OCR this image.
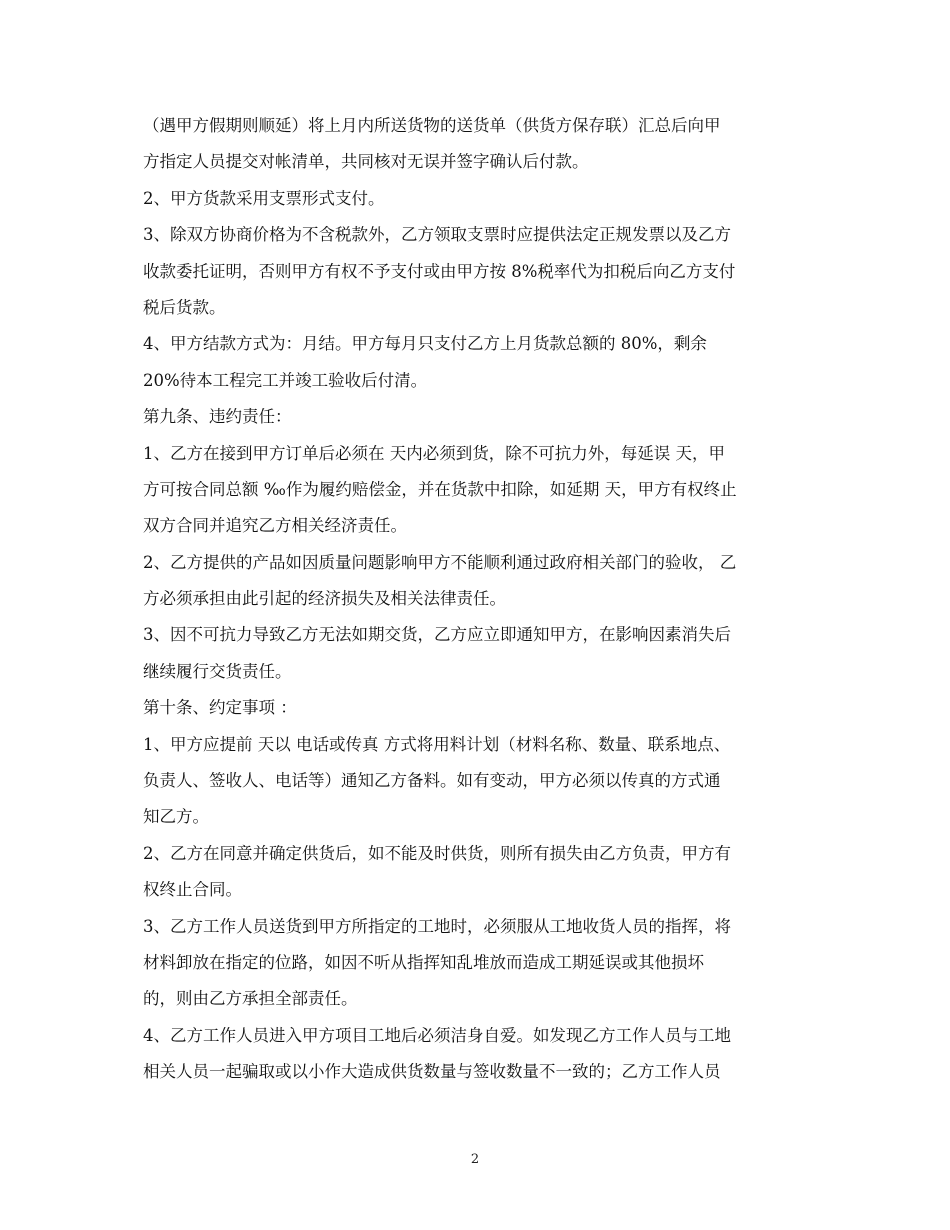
（遇甲方假期则顺延）将上月内所送货物的送货单（供货方保存联）汇总后向甲
方指定人员提交对帐清单，共同核对无误并签字确认后付款。
2、甲方货款采用支票形式支付。
3、除双方协商价格为不含税款外，乙方领取支票时应提供法定正规发票以及乙方
收款委托证明，否则甲方有权不予支付或由甲方按 8%税率代为扣税后向乙方支付
税后货款。
4、甲方结款方式为：月结。甲方每月只支付乙方上月货款总额的 80%，剩余
20%待本工程完工并竣工验收后付清。
第九条、违约责任：
1、乙方在接到甲方订单后必须在 天内必须到货，除不可抗力外，每延误 天，甲
方可按合同总额 ‰作为履约赔偿金，并在货款中扣除，如延期 天，甲方有权终止
双方合同并追究乙方相关经济责任。
2、乙方提供的产品如因质量问题影响甲方不能顺利通过政府相关部门的验收， 乙
方必须承担由此引起的经济损失及相关法律责任。
3、因不可抗力导致乙方无法如期交货，乙方应立即通知甲方，在影响因素消失后
继续履行交货责任。
第十条、约定事项 ：
1、甲方应提前 天以 电话或传真 方式将用料计划（材料名称、数量、联系地点、
负责人、签收人、电话等）通知乙方备料。如有变动，甲方必须以传真的方式通
知乙方。
2、乙方在同意并确定供货后，如不能及时供货，则所有损失由乙方负责，甲方有
权终止合同。
3、乙方工作人员送货到甲方所指定的工地时，必须服从工地收货人员的指挥，将
材料卸放在指定的位路，如因不听从指挥知乱堆放而造成工期延误或其他损坏
的，则由乙方承担全部责任。
4、乙方工作人员进入甲方项目工地后必须洁身自爱。如发现乙方工作人员与工地
相关人员一起骗取或以小作大造成供货数量与签收数量不一致的；乙方工作人员
2
